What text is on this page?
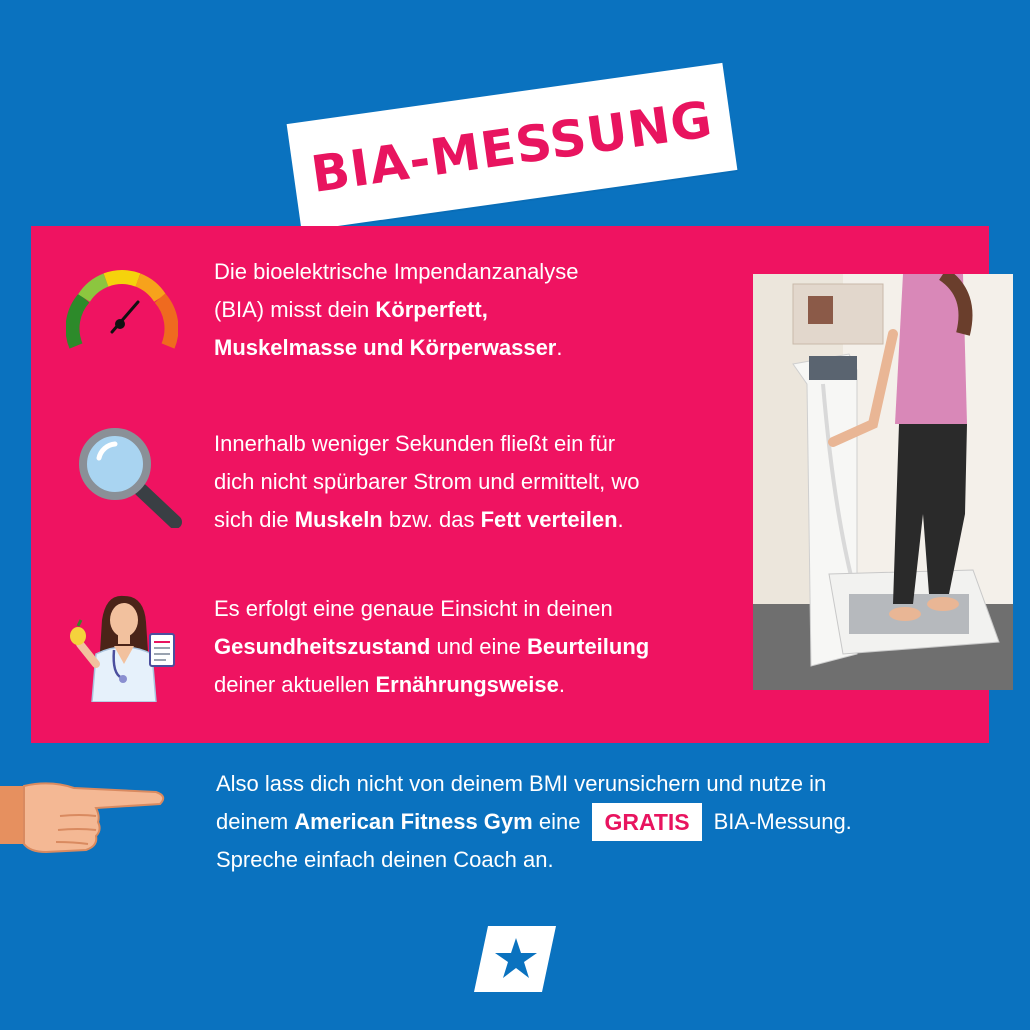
BIA-MESSUNG
Die bioelektrische Impendanzanalyse
(BIA) misst dein Körperfett,
Muskelmasse und Körperwasser.
Innerhalb weniger Sekunden fließt ein für
dich nicht spürbarer Strom und ermittelt, wo
sich die Muskeln bzw. das Fett verteilen.
Es erfolgt eine genaue Einsicht in deinen
Gesundheitszustand und eine Beurteilung
deiner aktuellen Ernährungsweise.
Also lass dich nicht von deinem BMI verunsichern und nutze in
deinem American Fitness Gym eine GRATIS BIA-Messung.
Spreche einfach deinen Coach an.
